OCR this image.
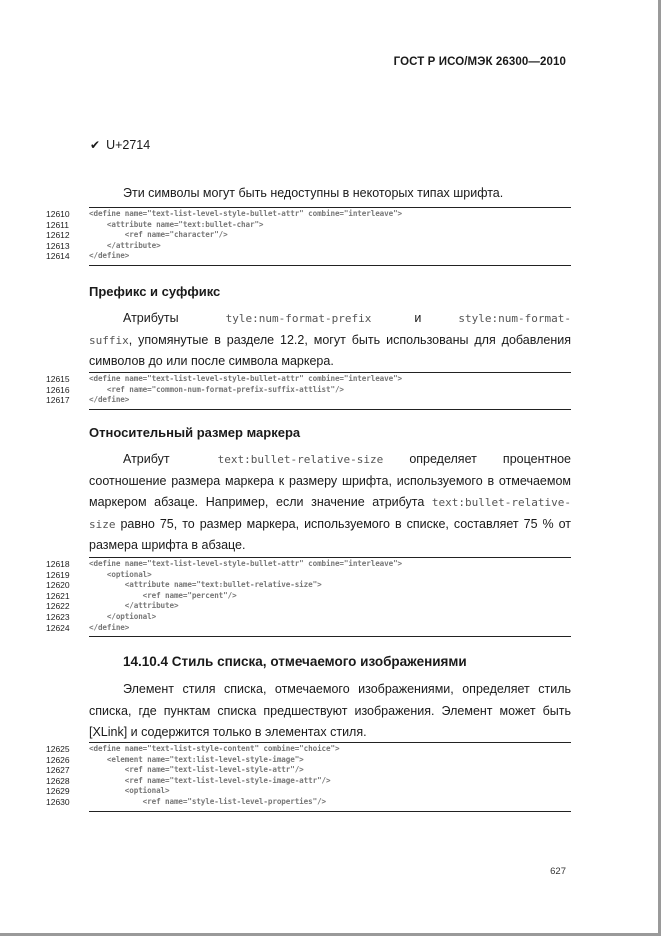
ГОСТ Р ИСО/МЭК 26300—2010
✔ U+2714
Эти символы могут быть недоступны в некоторых типах шрифта.
12610	<define name="text-list-level-style-bullet-attr" combine="interleave">
12611	<attribute name="text:bullet-char">
12612	<ref name="character"/>
12613	</attribute>
12614	</define>
Префикс и суффикс
Атрибуты	tyle:num-format-prefix и style:num-format-suffix, упомянутые в разделе 12.2, могут быть использованы для добавления символов до или после символа маркера.
12615	<define name="text-list-level-style-bullet-attr" combine="interleave">
12616	<ref name="common-num-format-prefix-suffix-attlist"/>
12617	</define>
Относительный размер маркера
Атрибут text:bullet-relative-size определяет процентное соотношение размера маркера к размеру шрифта, используемого в отмечаемом маркером абзаце. Например, если значение атрибута text:bullet-relative-size равно 75, то размер маркера, используемого в списке, составляет 75 % от размера шрифта в абзаце.
12618	<define name="text-list-level-style-bullet-attr" combine="interleave">
12619	<optional>
12620	<attribute name="text:bullet-relative-size">
12621	<ref name="percent"/>
12622	</attribute>
12623	</optional>
12624	</define>
14.10.4 Стиль списка, отмечаемого изображениями
Элемент стиля списка, отмечаемого изображениями, определяет стиль списка, где пунктам списка предшествуют изображения. Элемент может быть [XLink] и содержится только в элементах стиля.
12625	<define name="text-list-style-content" combine="choice">
12626	<element name="text:list-level-style-image">
12627	<ref name="text-list-level-style-attr"/>
12628	<ref name="text-list-level-style-image-attr"/>
12629	<optional>
12630	<ref name="style-list-level-properties"/>
627
